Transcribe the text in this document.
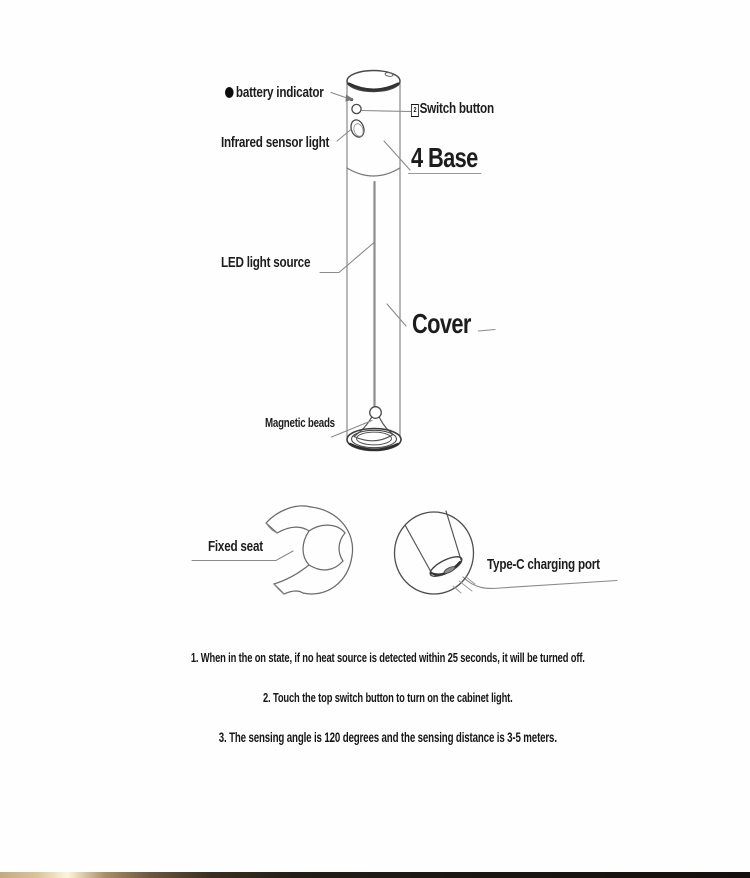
battery indicator
2 Switch button
Infrared sensor light	4 Base
LED light source
Cover
Magnetic beads
Fixed seat
Type-C charging port

1. When in the on state, if no heat source is detected within 25 seconds, it will be turned off.

2. Touch the top switch button to turn on the cabinet light.

3. The sensing angle is 120 degrees and the sensing distance is 3-5 meters.
